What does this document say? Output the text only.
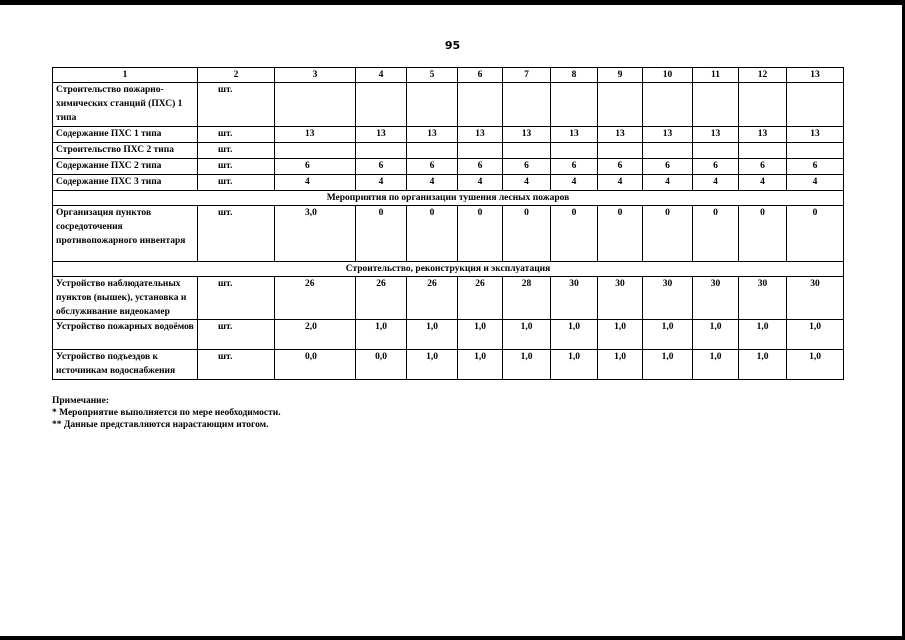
95
1	2	3	4	5	6	7	8	9	10	11	12	13
Строительство пожарно-химических станций (ПХС) 1 типа	шт.											
Содержание ПХС 1 типа	шт.	13	13	13	13	13	13	13	13	13	13	13
Строительство ПХС 2 типа	шт.											
Содержание ПХС 2 типа	шт.	6	6	6	6	6	6	6	6	6	6	6
Содержание ПХС 3 типа	шт.	4	4	4	4	4	4	4	4	4	4	4
Мероприятия по организации тушения лесных пожаров												
Организация пунктов сосредоточения противопожарного инвентаря	шт.	3,0	0	0	0	0	0	0	0	0	0	0
Строительство, реконструкция и эксплуатация												
Устройство наблюдательных пунктов (вышек), установка и обслуживание видеокамер	шт.	26	26	26	26	28	30	30	30	30	30	30
Устройство пожарных водоёмов	шт.	2,0	1,0	1,0	1,0	1,0	1,0	1,0	1,0	1,0	1,0	1,0
Устройство подъездов к источникам водоснабжения	шт.	0,0	0,0	1,0	1,0	1,0	1,0	1,0	1,0	1,0	1,0	1,0
Примечание:
* Мероприятие выполняется по мере необходимости.
** Данные представляются нарастающим итогом.
